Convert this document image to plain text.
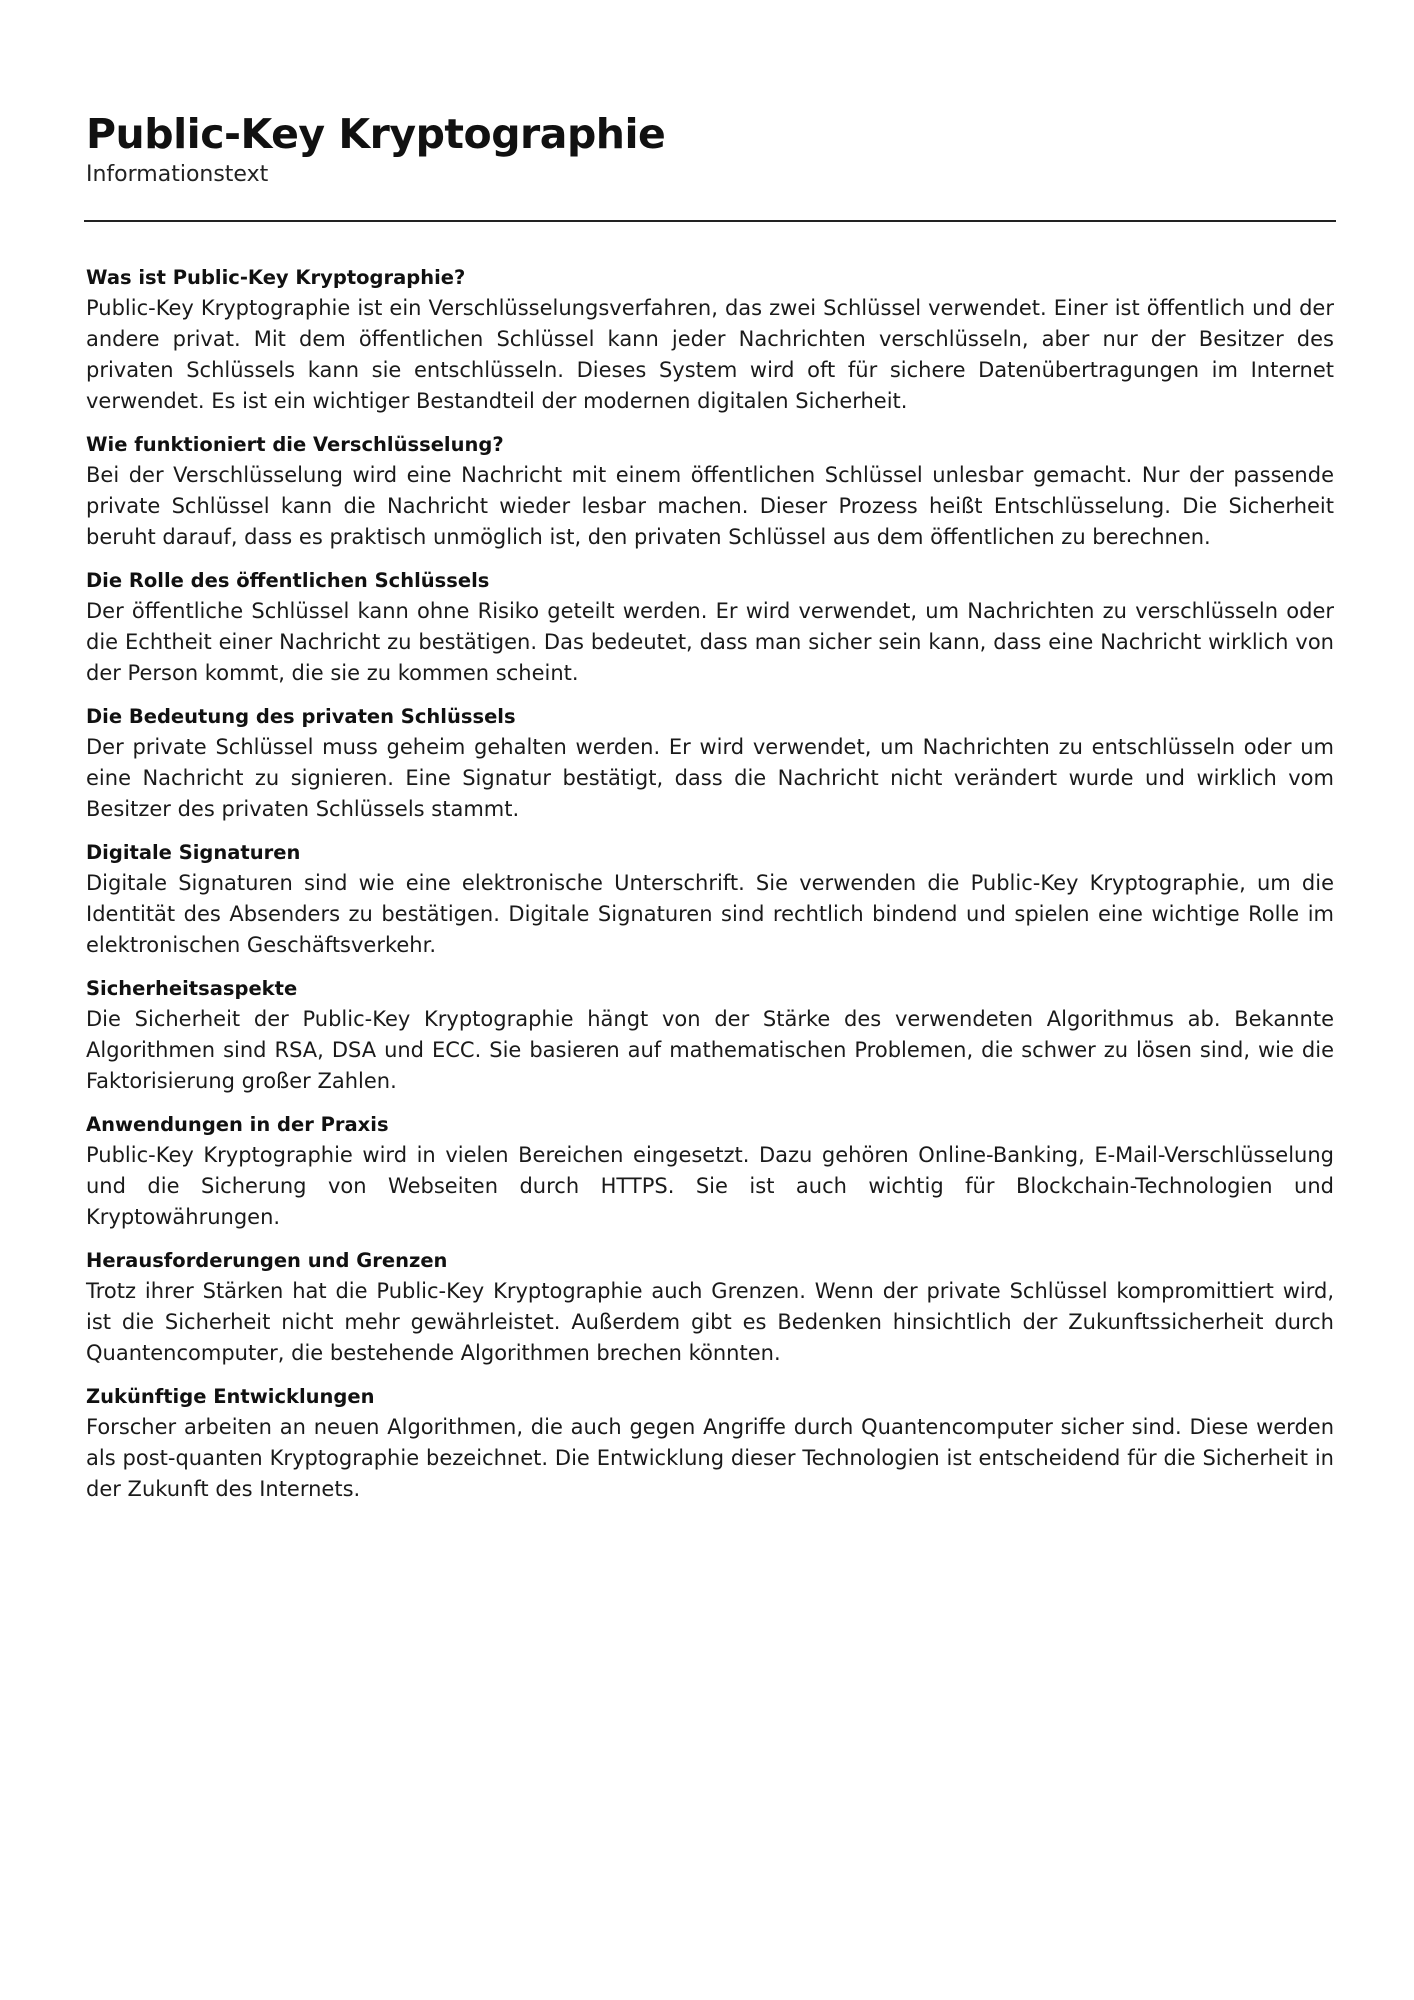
Public-Key Kryptographie
Informationstext
Was ist Public-Key Kryptographie?

Public-Key Kryptographie ist ein Verschlüsselungsverfahren, das zwei Schlüssel verwendet. Einer ist öffentlich und der andere privat. Mit dem öffentlichen Schlüssel kann jeder Nachrichten verschlüsseln, aber nur der Besitzer des privaten Schlüssels kann sie entschlüsseln. Dieses System wird oft für sichere Datenübertragungen im Internet verwendet. Es ist ein wichtiger Bestandteil der modernen digitalen Sicherheit.

Wie funktioniert die Verschlüsselung?

Bei der Verschlüsselung wird eine Nachricht mit einem öffentlichen Schlüssel unlesbar gemacht. Nur der passende private Schlüssel kann die Nachricht wieder lesbar machen. Dieser Prozess heißt Entschlüsselung. Die Sicherheit beruht darauf, dass es praktisch unmöglich ist, den privaten Schlüssel aus dem öffentlichen zu berechnen.

Die Rolle des öffentlichen Schlüssels

Der öffentliche Schlüssel kann ohne Risiko geteilt werden. Er wird verwendet, um Nachrichten zu verschlüsseln oder die Echtheit einer Nachricht zu bestätigen. Das bedeutet, dass man sicher sein kann, dass eine Nachricht wirklich von der Person kommt, die sie zu kommen scheint.

Die Bedeutung des privaten Schlüssels

Der private Schlüssel muss geheim gehalten werden. Er wird verwendet, um Nachrichten zu entschlüsseln oder um eine Nachricht zu signieren. Eine Signatur bestätigt, dass die Nachricht nicht verändert wurde und wirklich vom Besitzer des privaten Schlüssels stammt.

Digitale Signaturen

Digitale Signaturen sind wie eine elektronische Unterschrift. Sie verwenden die Public-Key Kryptographie, um die Identität des Absenders zu bestätigen. Digitale Signaturen sind rechtlich bindend und spielen eine wichtige Rolle im elektronischen Geschäftsverkehr.

Sicherheitsaspekte

Die Sicherheit der Public-Key Kryptographie hängt von der Stärke des verwendeten Algorithmus ab. Bekannte Algorithmen sind RSA, DSA und ECC. Sie basieren auf mathematischen Problemen, die schwer zu lösen sind, wie die Faktorisierung großer Zahlen.

Anwendungen in der Praxis

Public-Key Kryptographie wird in vielen Bereichen eingesetzt. Dazu gehören Online-Banking, E-Mail-Verschlüsselung und die Sicherung von Webseiten durch HTTPS. Sie ist auch wichtig für Blockchain-Technologien und Kryptowährungen.

Herausforderungen und Grenzen

Trotz ihrer Stärken hat die Public-Key Kryptographie auch Grenzen. Wenn der private Schlüssel kompromittiert wird, ist die Sicherheit nicht mehr gewährleistet. Außerdem gibt es Bedenken hinsichtlich der Zukunftssicherheit durch Quantencomputer, die bestehende Algorithmen brechen könnten.

Zukünftige Entwicklungen

Forscher arbeiten an neuen Algorithmen, die auch gegen Angriffe durch Quantencomputer sicher sind. Diese werden als post-quanten Kryptographie bezeichnet. Die Entwicklung dieser Technologien ist entscheidend für die Sicherheit in der Zukunft des Internets.
